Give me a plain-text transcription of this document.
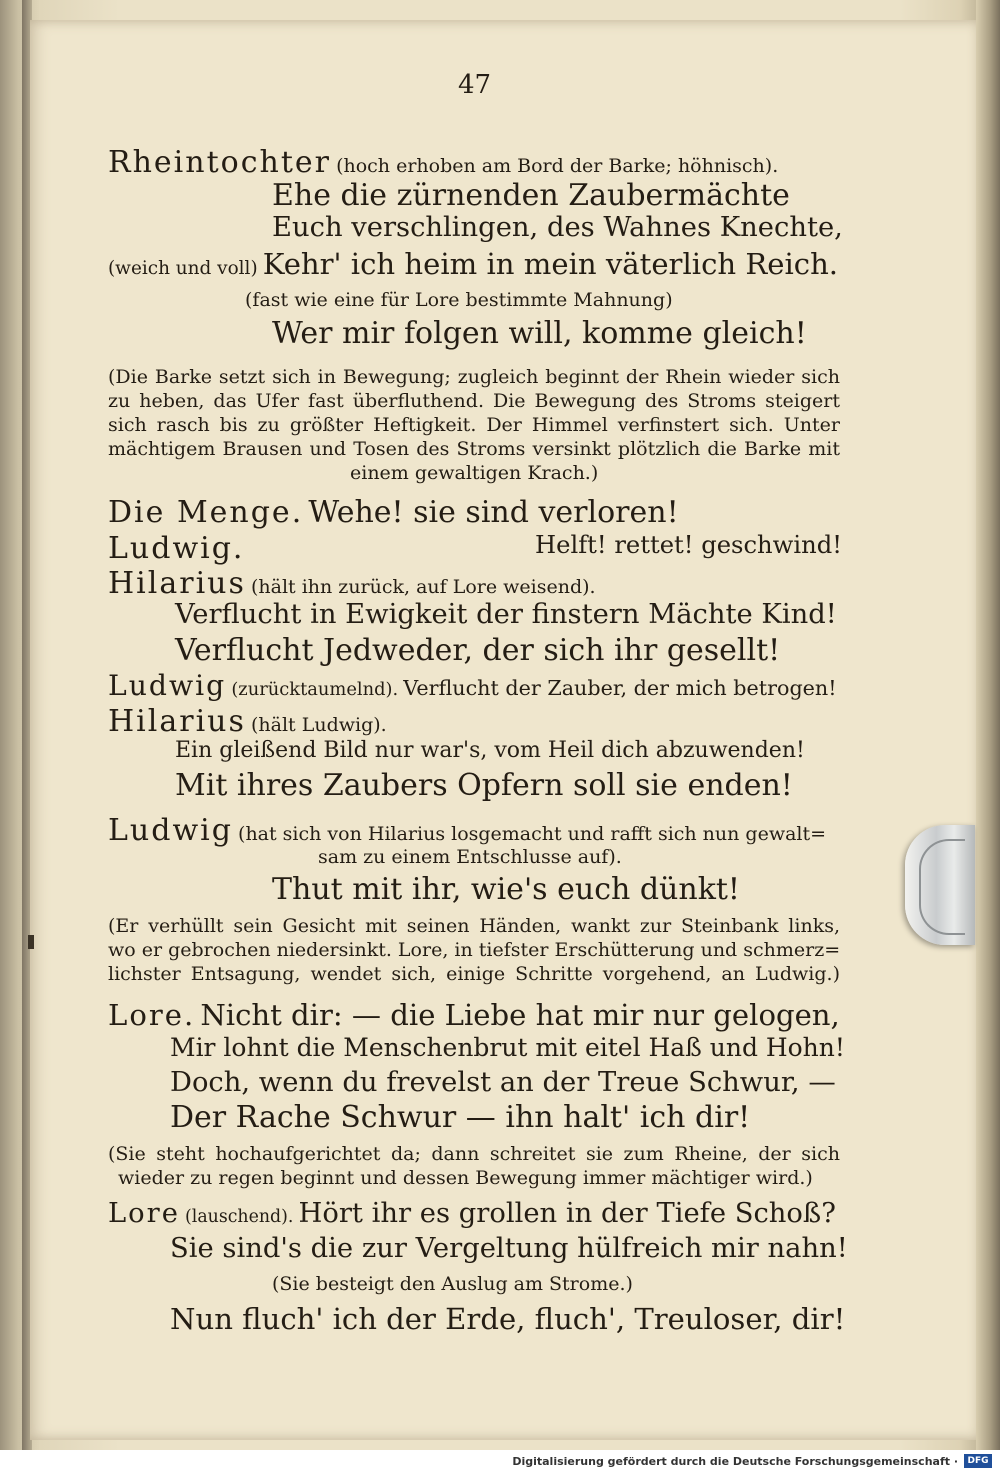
47
Rheintochter (hoch erhoben am Bord der Barke; höhnisch).
Ehe die zürnenden Zaubermächte
Euch verschlingen, des Wahnes Knechte,
(weich und voll) Kehr' ich heim in mein väterlich Reich.
(fast wie eine für Lore bestimmte Mahnung)
Wer mir folgen will, komme gleich!
(Die Barke setzt sich in Bewegung; zugleich beginnt der Rhein wieder sich
zu heben, das Ufer fast überfluthend. Die Bewegung des Stroms steigert
sich rasch bis zu größter Heftigkeit. Der Himmel verfinstert sich. Unter
mächtigem Brausen und Tosen des Stroms versinkt plötzlich die Barke mit
einem gewaltigen Krach.)
Die Menge. Wehe! sie sind verloren!
Ludwig.	Helft! rettet! geschwind!
Hilarius (hält ihn zurück, auf Lore weisend).
Verflucht in Ewigkeit der finstern Mächte Kind!
Verflucht Jedweder, der sich ihr gesellt!
Ludwig (zurücktaumelnd). Verflucht der Zauber, der mich betrogen!
Hilarius (hält Ludwig).
Ein gleißend Bild nur war's, vom Heil dich abzuwenden!
Mit ihres Zaubers Opfern soll sie enden!
Ludwig (hat sich von Hilarius losgemacht und rafft sich nun gewalt=
sam zu einem Entschlusse auf).
Thut mit ihr, wie's euch dünkt!
(Er verhüllt sein Gesicht mit seinen Händen, wankt zur Steinbank links,
wo er gebrochen niedersinkt. Lore, in tiefster Erschütterung und schmerz=
lichster Entsagung, wendet sich, einige Schritte vorgehend, an Ludwig.)
Lore. Nicht dir: — die Liebe hat mir nur gelogen,
Mir lohnt die Menschenbrut mit eitel Haß und Hohn!
Doch, wenn du frevelst an der Treue Schwur, —
Der Rache Schwur — ihn halt' ich dir!
(Sie steht hochaufgerichtet da; dann schreitet sie zum Rheine, der sich
wieder zu regen beginnt und dessen Bewegung immer mächtiger wird.)
Lore (lauschend). Hört ihr es grollen in der Tiefe Schoß?
Sie sind's die zur Vergeltung hülfreich mir nahn!
(Sie besteigt den Auslug am Strome.)
Nun fluch' ich der Erde, fluch', Treuloser, dir!
Digitalisierung gefördert durch die Deutsche Forschungsgemeinschaft ·	DFG
